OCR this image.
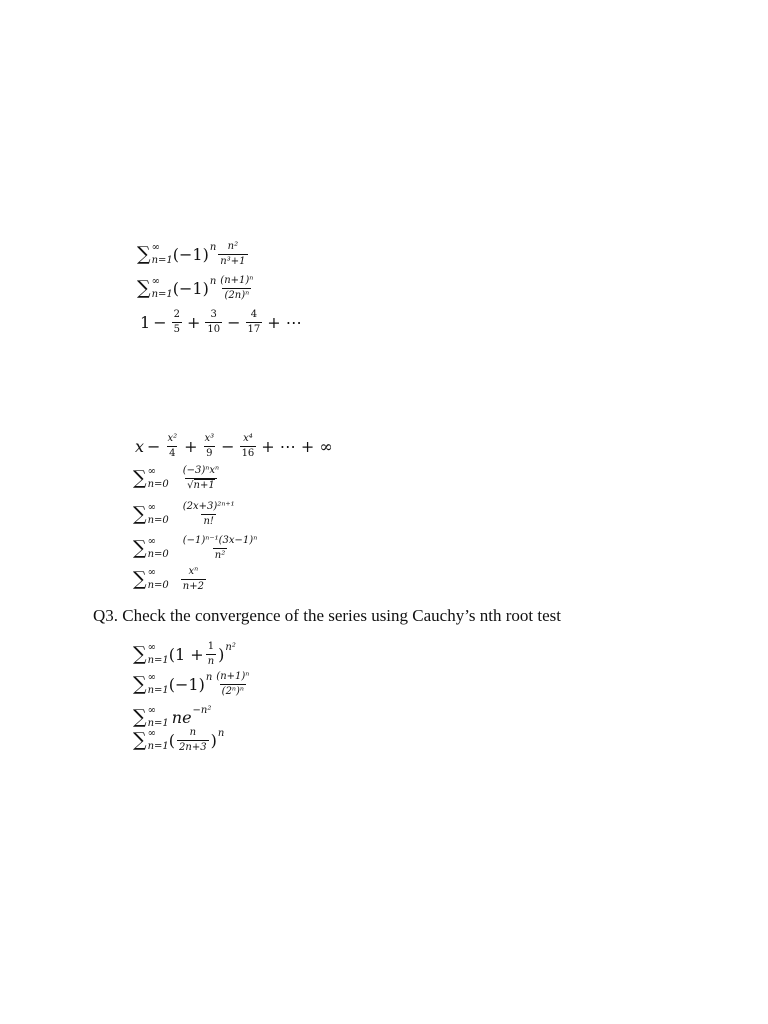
∑ ∞
n=1 (−1) n $\frac{\text{n²}}{\text{n³+1}}$
∑ ∞
n=1 (−1) n $\frac{\text{(n+1)ⁿ}}{\text{(2n)ⁿ}}$
$1 - \frac{2}{5} + \frac{3}{10} - \frac{4}{17}$ + ⋯
$x - \frac{\text{x²}}{4} + \frac{\text{x³}}{9} - \frac{\text{x⁴}}{16}$ + ⋯ + ∞
∑ ∞
$n=0 \frac{\text{(−3)ⁿxⁿ}}{√n+1}$
∑ ∞
$n=0 \frac{\text{(2x+3)²ⁿ⁺¹}}{n!}$
∑ ∞
$n=0 \frac{\text{(−1)ⁿ⁻¹(3x−1)ⁿ}}{\text{n²}}$
∑ ∞
$n=0 \frac{\text{xⁿ}}{n+2}$
Q3. Check the convergence of the series using Cauchy’s nth root test
∑ ∞
n=1 ($1 + \frac{1}{n}$ ) n²
∑ ∞
n=1 (−1) n $\frac{\text{(n+1)ⁿ}}{\text{(2ⁿ)ⁿ}}$
∑ ∞
n=1 ne −n²
∑ ∞
n=1 ( $\frac{n}{2n+3}$ ) n
